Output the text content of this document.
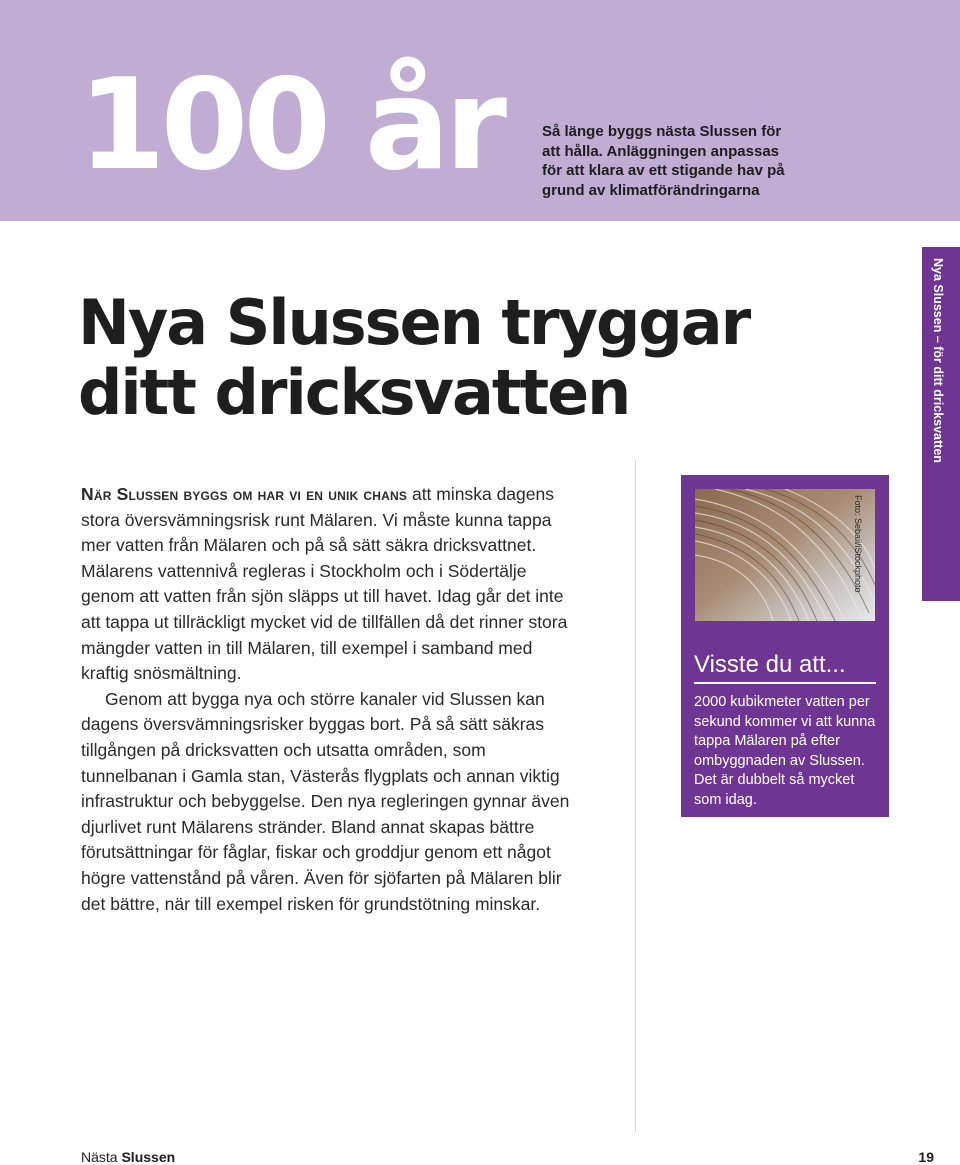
100 år	Så länge byggs nästa Slussen för att hålla. Anläggningen anpassas för att klara av ett stigande hav på grund av klimatförändringarna

Nya Slussen tryggar
ditt dricksvatten

När Slussen byggs om har vi en unik chans att minska dagens stora översvämningsrisk runt Mälaren. Vi måste kunna tappa mer vatten från Mälaren och på så sätt säkra dricksvattnet. Mälarens vattennivå regleras i Stockholm och i Södertälje genom att vatten från sjön släpps ut till havet. Idag går det inte att tappa ut tillräckligt mycket vid de tillfällen då det rinner stora mängder vatten in till Mälaren, till exempel i samband med kraftig snösmältning.

Genom att bygga nya och större kanaler vid Slussen kan dagens översvämningsrisker byggas bort. På så sätt säkras tillgången på dricksvatten och utsatta områden, som tunnelbanan i Gamla stan, Västerås flygplats och annan viktig infrastruktur och bebyggelse. Den nya regleringen gynnar även djurlivet runt Mälarens stränder. Bland annat skapas bättre förutsättningar för fåglar, fiskar och groddjur genom ett något högre vattenstånd på våren. Även för sjöfarten på Mälaren blir det bättre, när till exempel risken för grundstötning minskar.

Foto: Sebaii/iStockphoto
Visste du att...

2000 kubikmeter vatten per sekund kommer vi att kunna tappa Mälaren på efter ombyggnaden av Slussen. Det är dubbelt så mycket som idag.

Nya Slussen – för ditt dricksvatten
Nästa Slussen	19
